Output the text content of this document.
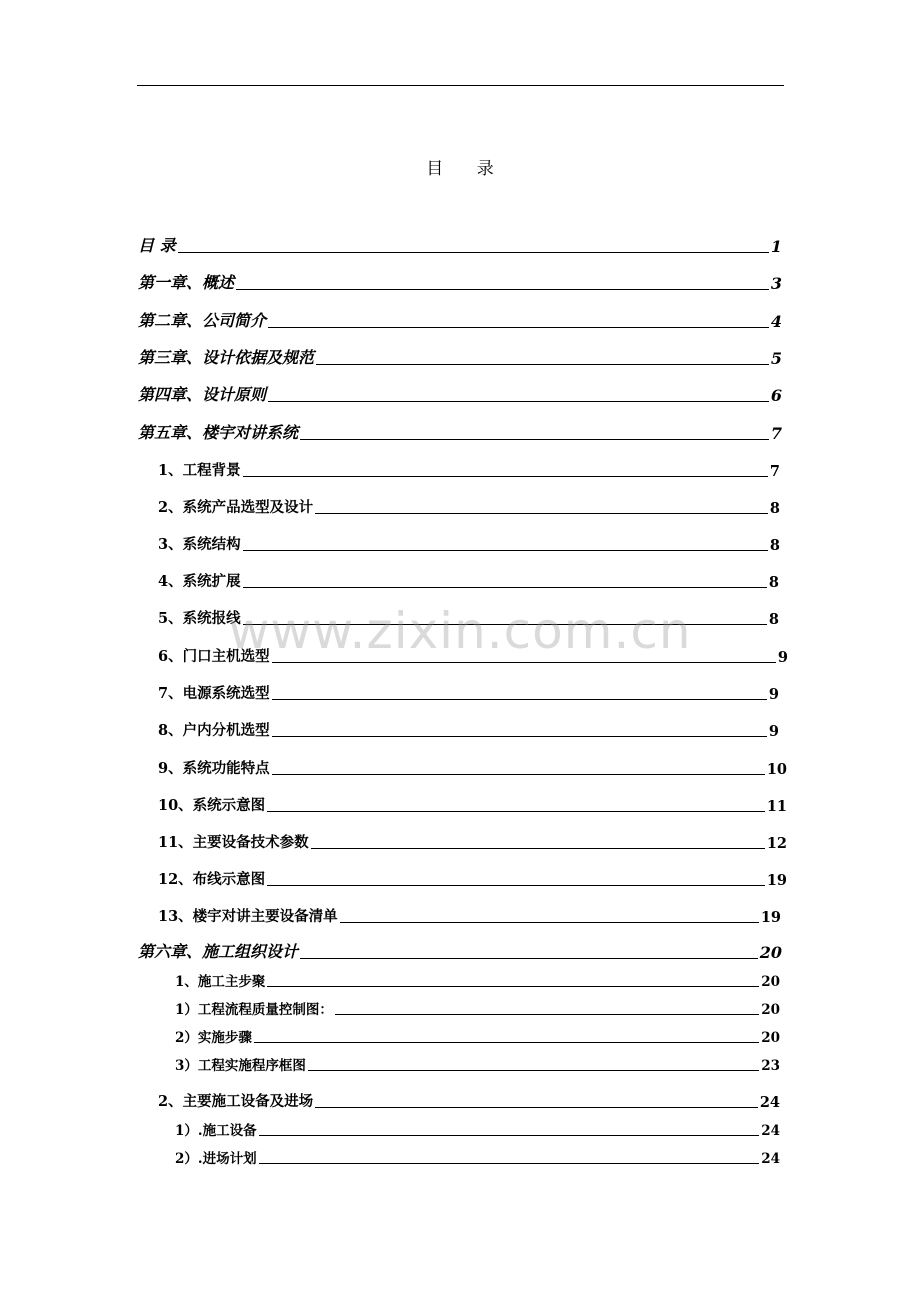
目 录
目 录	1
第一章、概述	3
第二章、公司简介	4
第三章、设计依据及规范	5
第四章、设计原则	6
第五章、楼宇对讲系统	7
1、工程背景	7
2、系统产品选型及设计	8
3、系统结构	8
4、系统扩展	8
5、系统报线	8
6、门口主机选型	9
7、电源系统选型	9
8、户内分机选型	9
9、系统功能特点	10
10、系统示意图	11
11、主要设备技术参数	12
12、布线示意图	19
13、楼宇对讲主要设备清单	19
第六章、施工组织设计	20
1、施工主步聚	20
1）工程流程质量控制图：	20
2）实施步骤	20
3）工程实施程序框图	23
2、主要施工设备及进场	24
1）.施工设备	24
2）.进场计划	24
www.zixin.com.cn
